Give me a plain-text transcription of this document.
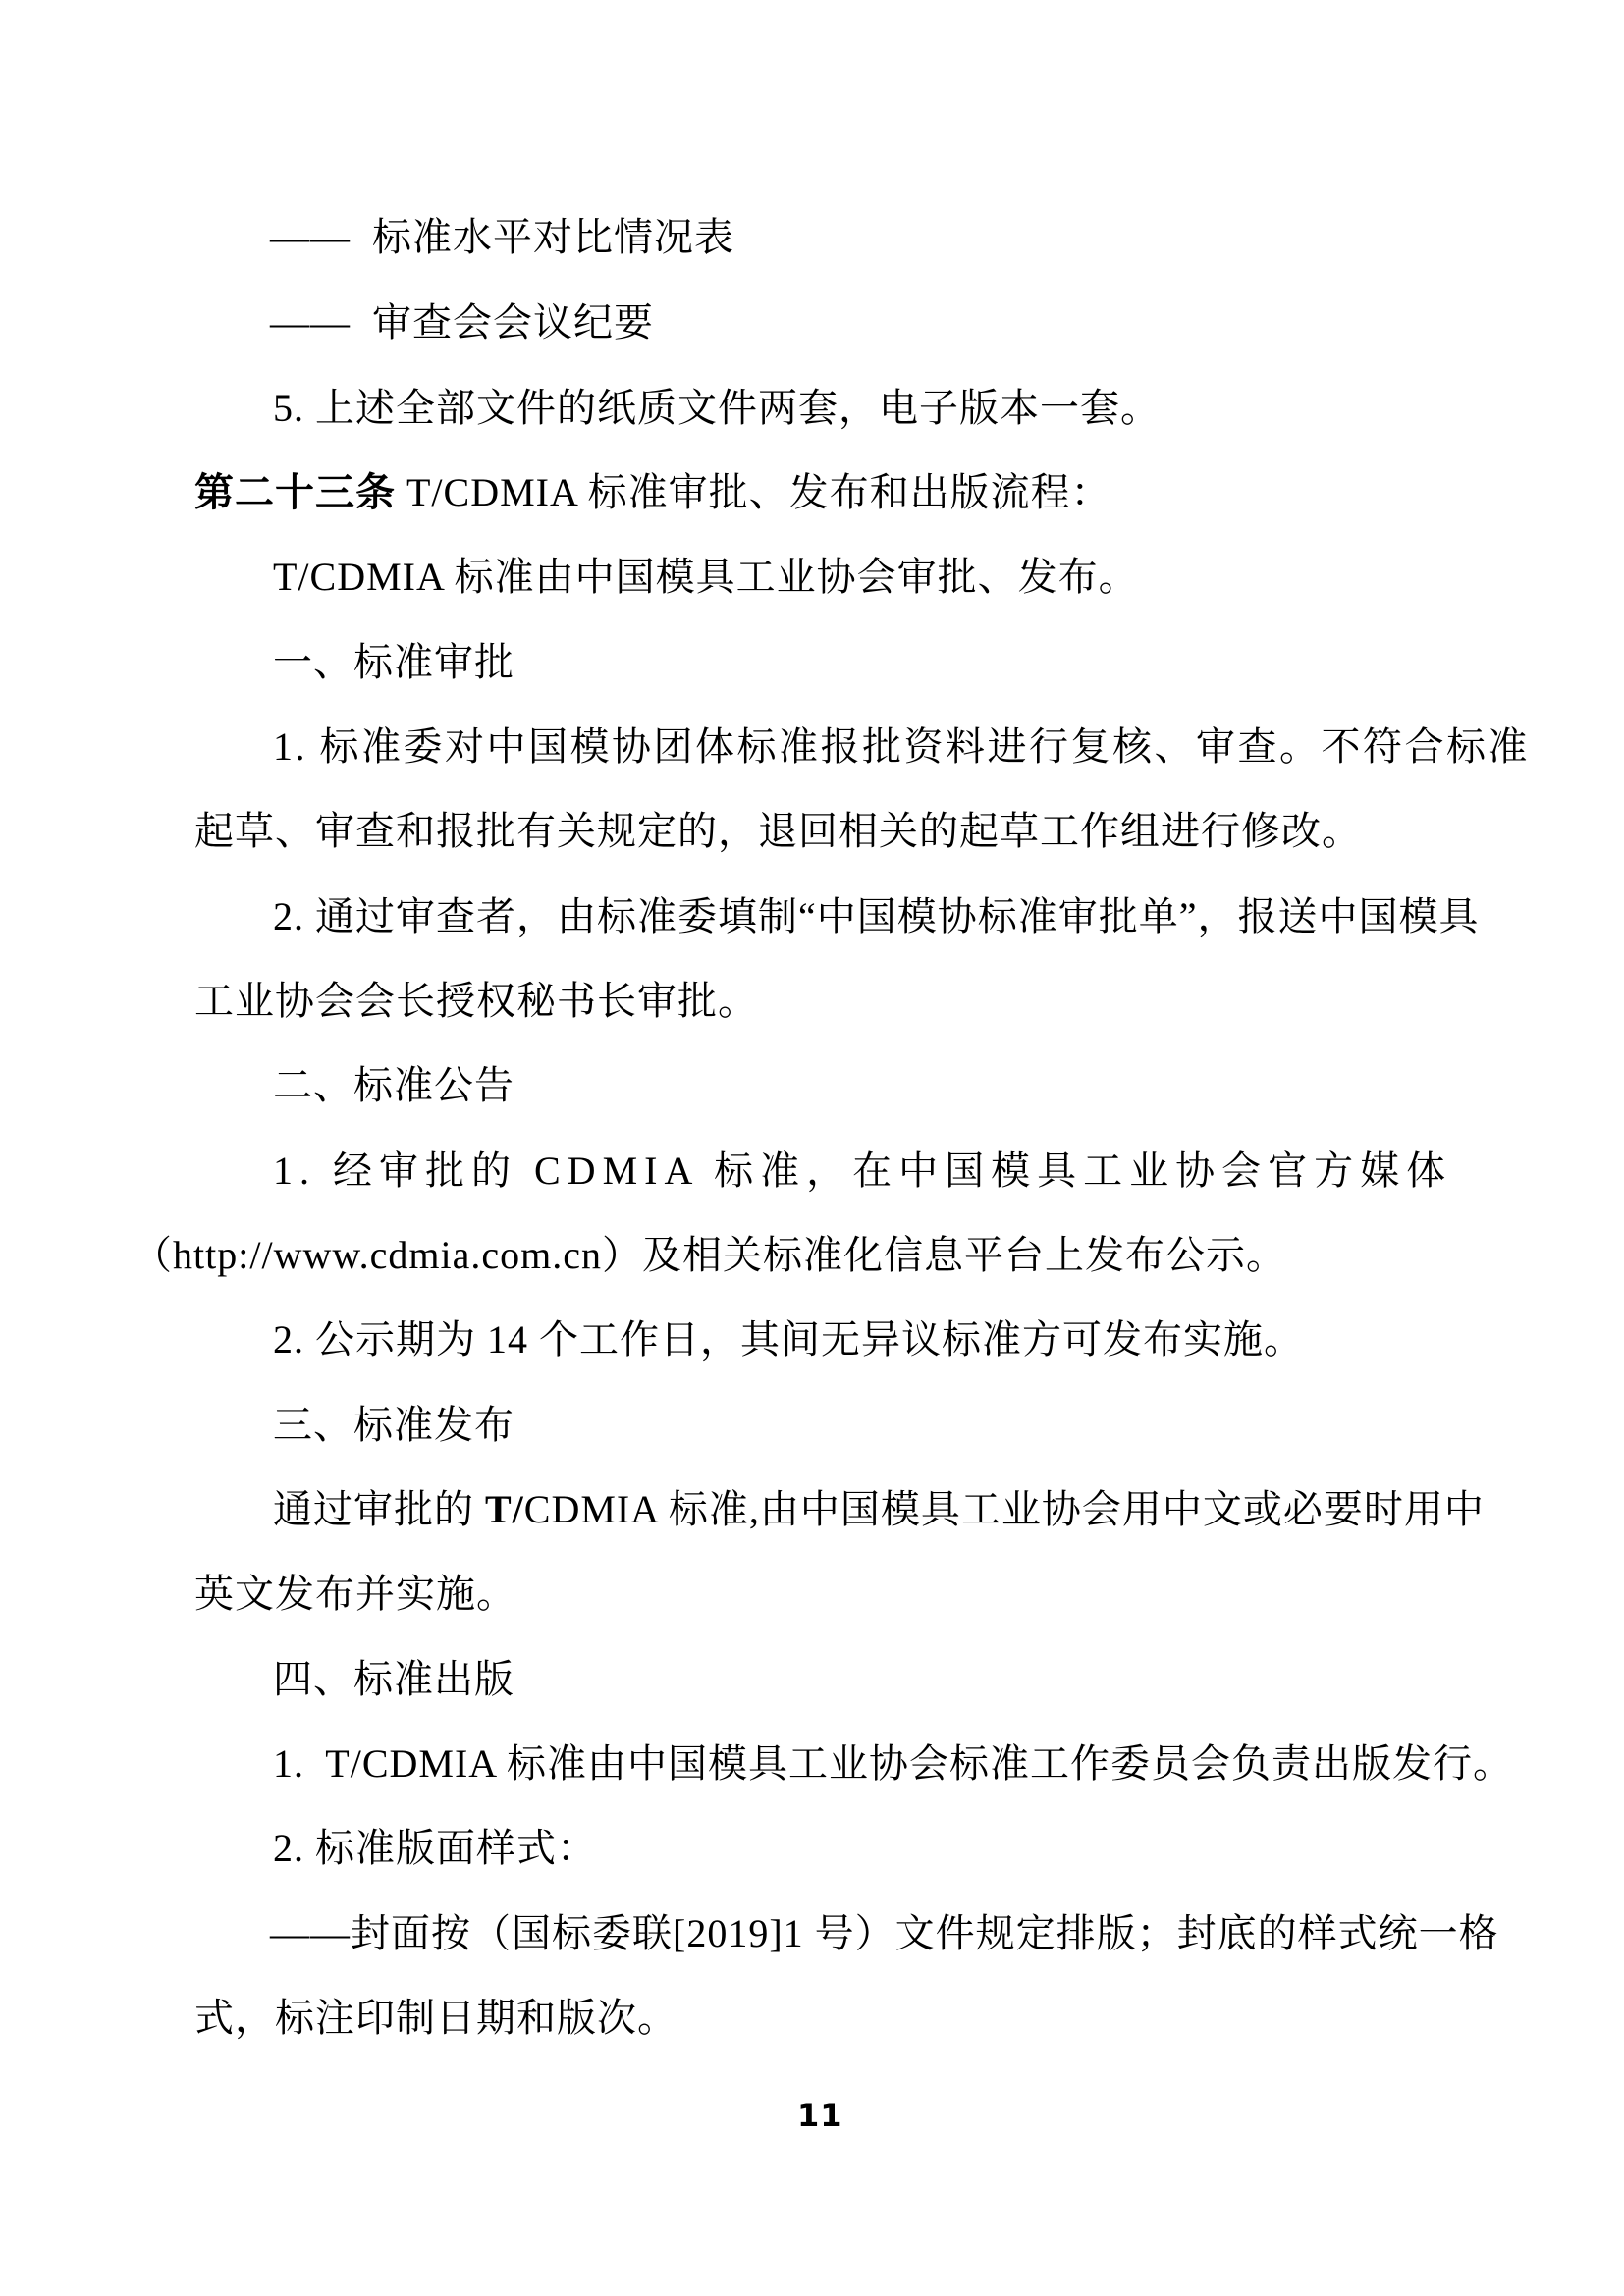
——  标准水平对比情况表
——  审查会会议纪要
5. 上述全部文件的纸质文件两套，电子版本一套。
第二十三条 T/CDMIA 标准审批、发布和出版流程：
T/CDMIA 标准由中国模具工业协会审批、发布。
一、标准审批
1. 标准委对中国模协团体标准报批资料进行复核、审查。不符合标准
起草、审查和报批有关规定的，退回相关的起草工作组进行修改。
2. 通过审查者，由标准委填制“中国模协标准审批单”，报送中国模具
工业协会会长授权秘书长审批。
二、标准公告
1. 经审批的 CDMIA 标准，在中国模具工业协会官方媒体
（http://www.cdmia.com.cn）及相关标准化信息平台上发布公示。
2. 公示期为 14 个工作日，其间无异议标准方可发布实施。
三、标准发布
通过审批的 T/CDMIA 标准,由中国模具工业协会用中文或必要时用中
英文发布并实施。
四、标准出版
1.  T/CDMIA 标准由中国模具工业协会标准工作委员会负责出版发行。
2. 标准版面样式：
——封面按（国标委联[2019]1 号）文件规定排版；封底的样式统一格
式，标注印制日期和版次。
11
